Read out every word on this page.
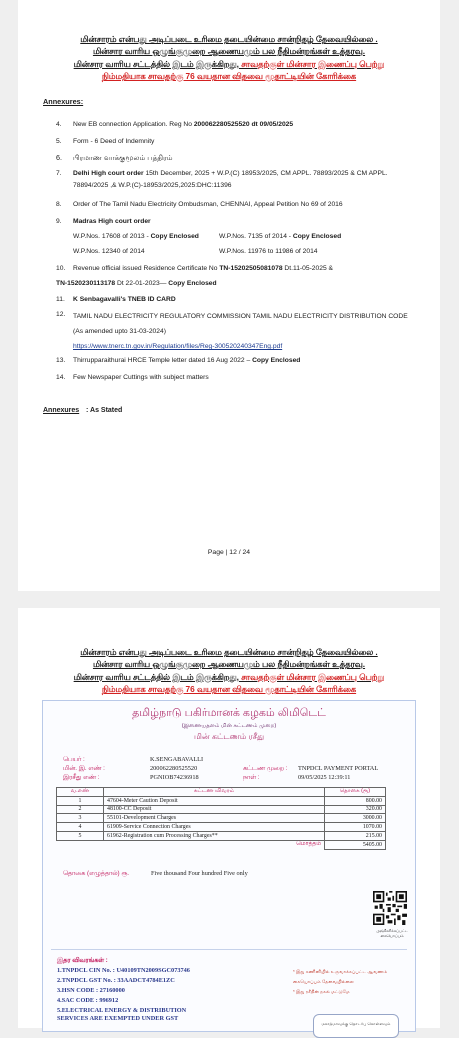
மின்சாரம் என்பது அடிப்படை உரிமை தடையின்மை சான்றிதழ் தேவையில்லை .
மின்சார வாரிய ஒழுங்குமுறை ஆணையமும் பல நீதிமன்றங்கள் உத்தரவு.
மின்சார வாரிய சட்டத்தில் இடம் இருக்கிறது, சாவதற்குள் மின்சார இணைப்பு பெற்று
நிம்மதியாக சாவதற்கு 76 வயதான விதவை மூதாட்டியின் கோரிக்கை
Annexures:
4. New EB connection Application. Reg No 200062280525520 dt 09/05/2025
5. Form - 6 Deed of Indemnity
6. பிரமாண வாக்குமூலம் பத்திரம்
7. Delhi High court order 15th December, 2025 + W.P.(C) 18953/2025, CM APPL. 78893/2025 & CM APPL.
78894/2025 ,& W.P.(C)-18953/2025,2025:DHC:11396

8. Order of The Tamil Nadu Electricity Ombudsman, CHENNAI, Appeal Petition No 69 of 2016
9. Madras High court order
W.P.Nos. 17608 of 2013 - Copy Enclosed	W.P.Nos. 7135 of 2014 - Copy Enclosed
W.P.Nos. 12340 of 2014	W.P.Nos. 11976 to 11986 of 2014
10. Revenue official issued Residence Certificate No TN-15202505081078 Dt.11-05-2025 &
TN-1520230113178 Dt 22-01-2023— Copy Enclosed
11. K Senbagavalli's TNEB ID CARD
12. TAMIL NADU ELECTRICITY REGULATORY COMMISSION TAMIL NADU ELECTRICITY DISTRIBUTION CODE
(As amended upto 31-03-2024)
https://www.tnerc.tn.gov.in/Regulation/files/Reg-300520240347Eng.pdf
13. Thirrupparaithurai HRCE Temple letter dated 16 Aug 2022 – Copy Enclosed
14. Few Newspaper Cuttings with subject matters
Annexures : As Stated
Page | 12 / 24
மின்சாரம் என்பது அடிப்படை உரிமை தடையின்மை சான்றிதழ் தேவையில்லை .
மின்சார வாரிய ஒழுங்குமுறை ஆணையமும் பல நீதிமன்றங்கள் உத்தரவு.
மின்சார வாரிய சட்டத்தில் இடம் இருக்கிறது, சாவதற்குள் மின்சார இணைப்பு பெற்று
நிம்மதியாக சாவதற்கு 76 வயதான விதவை மூதாட்டியின் கோரிக்கை
தமிழ்நாடு பகிர்மானக் கழகம் லிமிடெட்
(இணையதளம் மின் கட்டணம் முறை)
மின் கட்டணம் ரசீது
பெயர் :	K.SENGABAVALLI
மின். இ. எண் :	200062280525520
இரசீது எண் :	PGNIOB74236918
கட்டண முறை : TNPDCL PAYMENT PORTAL
நாள் :	09/05/2025 12:39:11
வ.எண்	கட்டண விவரம்	தொகை (ரூ)
1	47604-Meter Caution Deposit	800.00
2	48100-CC Deposit	320.00
3	55101-Development Charges	3000.00
4	61909-Service Connection Charges	1070.00
5	61962-Registration cum Processing Charges**	215.00
	மொத்தம்	5405.00
தொகை (எழுத்தால்) ரூ.	Five thousand Four hundred Five only
அங்கீகரிக்கப்பட்ட கையொப்பம்
இதர விவரங்கள் :
1.TNPDCL CIN No. : U40109TN2009SGC073746
2.TNPDCL GST No. : 33AADCT4784E1ZC
3.HSN CODE : 27160000
4.SAC CODE : 996912
5.ELECTRICAL ENERGY & DISTRIBUTION
SERVICES ARE EXEMPTED UNDER GST
* இது கணினியில் உருவாக்கப்பட்ட ஆவணம்
கையொப்பம் தேவையில்லை
* இது ரசீதின் நகல் மட்டுமே
மகாத்மாவுக்கு தொடர்பு கொள்ளவும்
